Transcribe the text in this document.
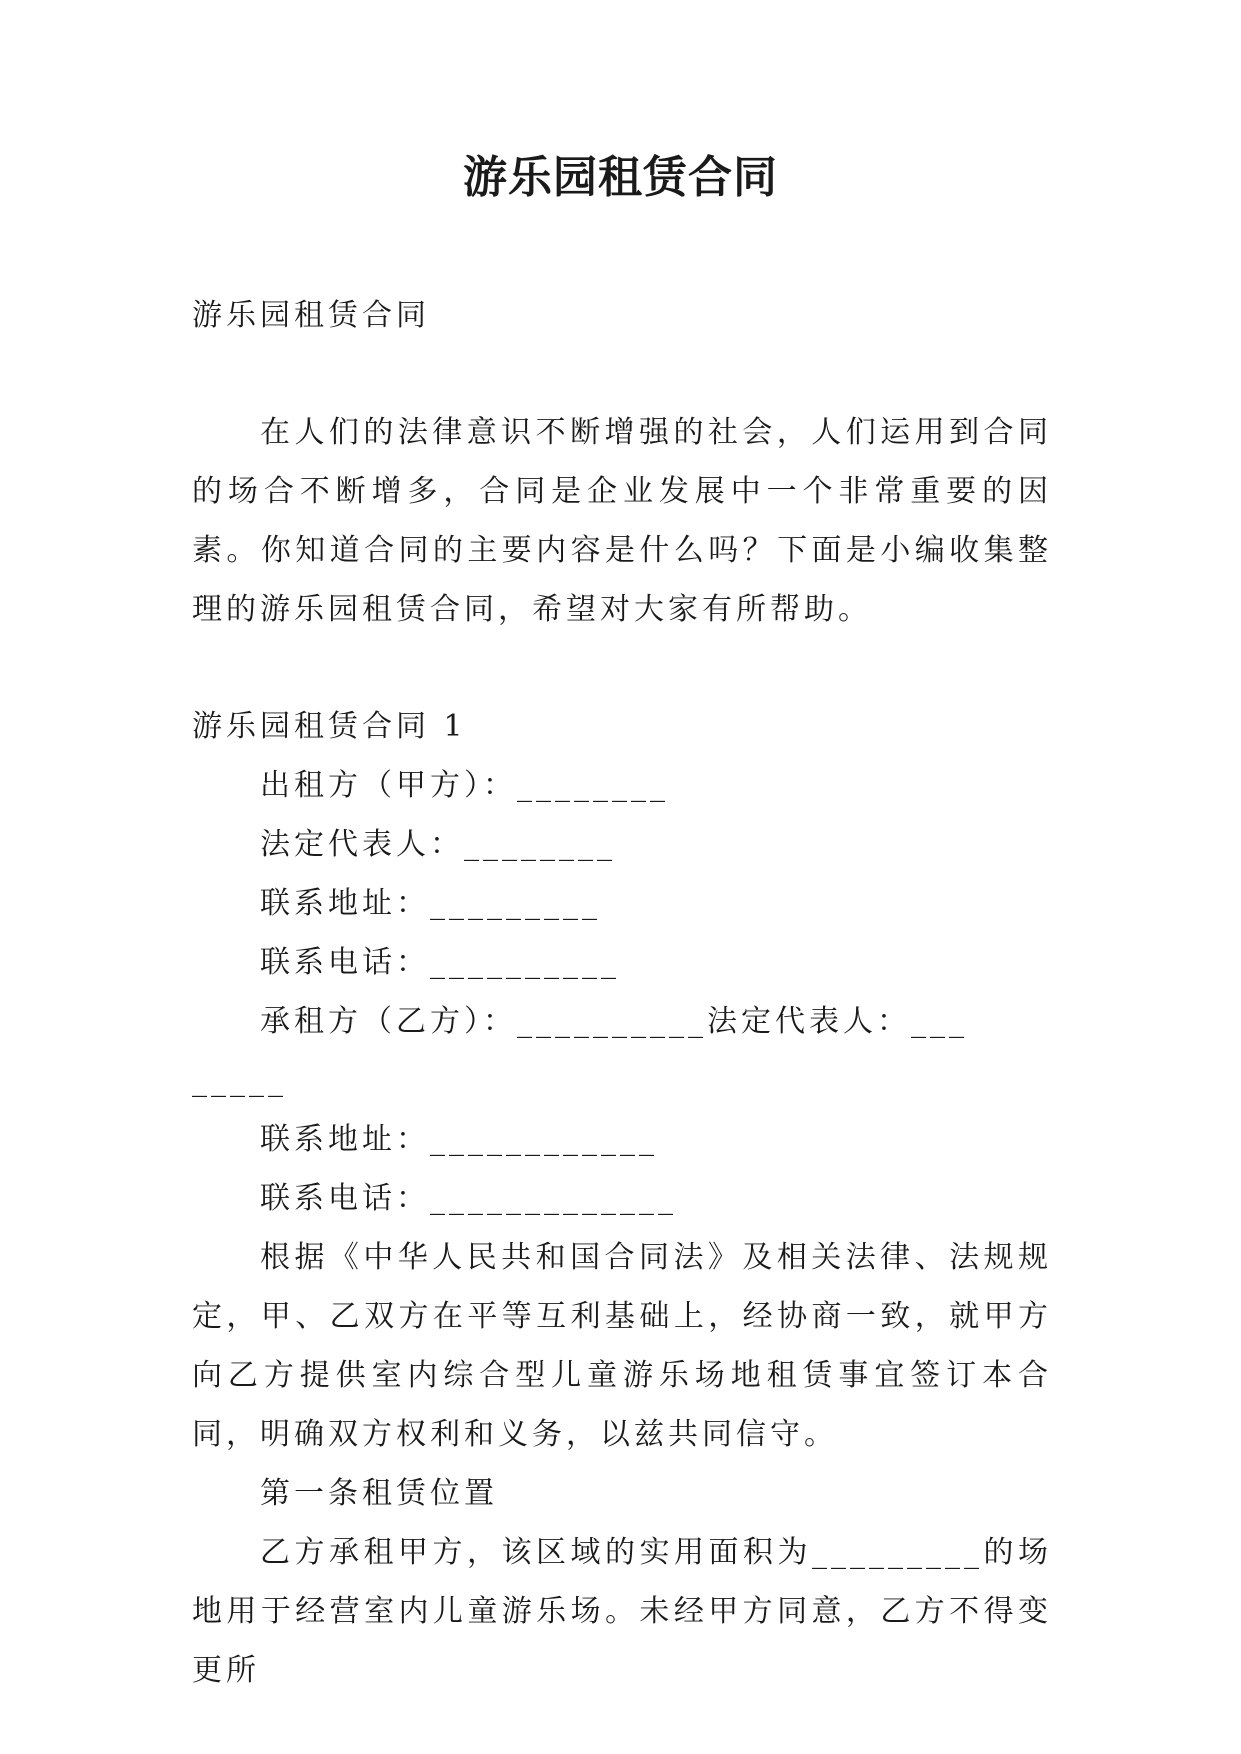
游乐园租赁合同

游乐园租赁合同

在人们的法律意识不断增强的社会，人们运用到合同的场合不断增多，合同是企业发展中一个非常重要的因素。你知道合同的主要内容是什么吗？下面是小编收集整理的游乐园租赁合同，希望对大家有所帮助。

游乐园租赁合同 1

出租方（甲方）：________

法定代表人：________

联系地址：_________

联系电话：__________

承租方（乙方）：__________法定代表人：___ _____

联系地址：____________

联系电话：_____________

根据《中华人民共和国合同法》及相关法律、法规规定，甲、乙双方在平等互利基础上，经协商一致，就甲方向乙方提供室内综合型儿童游乐场地租赁事宜签订本合同，明确双方权利和义务，以兹共同信守。

第一条租赁位置

乙方承租甲方，该区域的实用面积为_________的场地用于经营室内儿童游乐场。未经甲方同意，乙方不得变更所
